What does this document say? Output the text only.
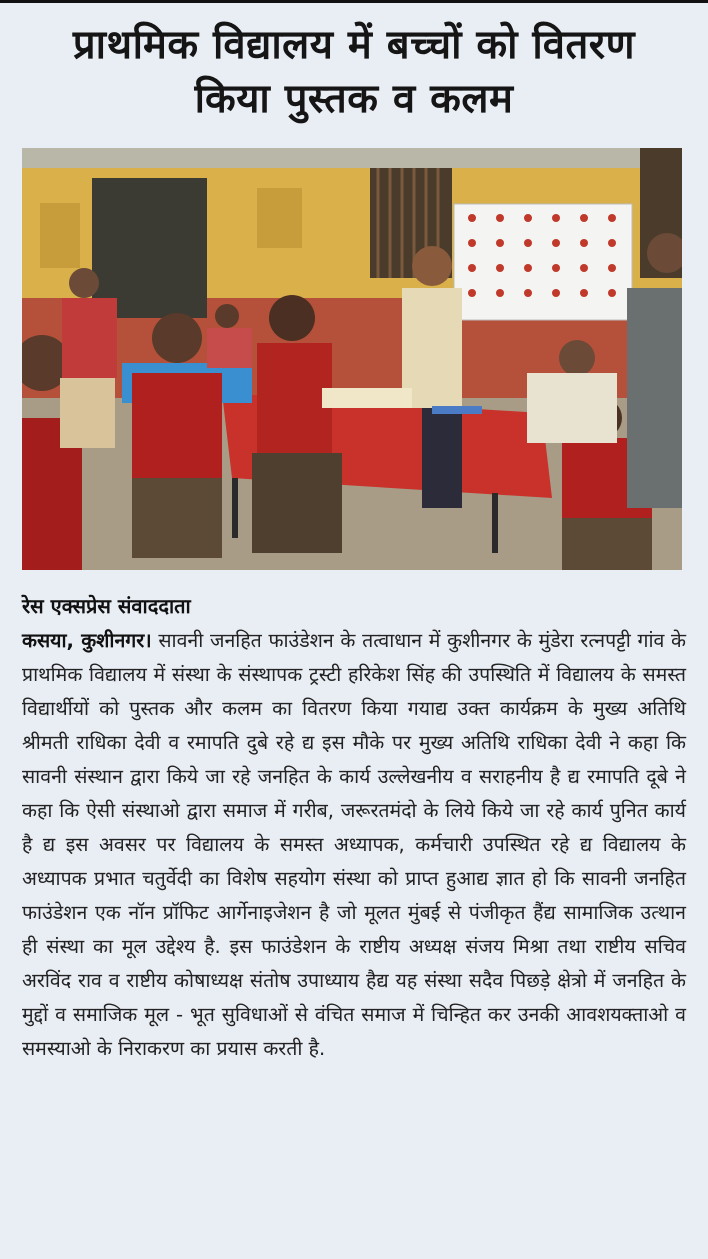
प्राथमिक विद्यालय में बच्चों को वितरण
किया पुस्तक व कलम
रेस एक्सप्रेस संवाददाता
कसया, कुशीनगर। सावनी जनहित फाउंडेशन के तत्वाधान में कुशीनगर के मुंडेरा रत्नपट्टी गांव के प्राथमिक विद्यालय में संस्था के संस्थापक ट्रस्टी हरिकेश सिंह की उपस्थिति में विद्यालय के समस्त विद्यार्थीयों को पुस्तक और कलम का वितरण किया गयाद्य उक्त कार्यक्रम के मुख्य अतिथि श्रीमती राधिका देवी व रमापति दुबे रहे द्य इस मौके पर मुख्य अतिथि राधिका देवी ने कहा कि सावनी संस्थान द्वारा किये जा रहे जनहित के कार्य उल्लेखनीय व सराहनीय है द्य रमापति दूबे ने कहा कि ऐसी संस्थाओ द्वारा समाज में गरीब, जरूरतमंदो के लिये किये जा रहे कार्य पुनित कार्य है द्य इस अवसर पर विद्यालय के समस्त अध्यापक, कर्मचारी उपस्थित रहे द्य विद्यालय के अध्यापक प्रभात चतुर्वेदी का विशेष सहयोग संस्था को प्राप्त हुआद्य ज्ञात हो कि सावनी जनहित फाउंडेशन एक नॉन प्रॉफिट आर्गेनाइजेशन है जो मूलत मुंबई से पंजीकृत हैंद्य सामाजिक उत्थान ही संस्था का मूल उद्देश्य है. इस फाउंडेशन के राष्टीय अध्यक्ष संजय मिश्रा तथा राष्टीय सचिव अरविंद राव व राष्टीय कोषाध्यक्ष संतोष उपाध्याय हैद्य यह संस्था सदैव पिछड़े क्षेत्रो में जनहित के मुद्दों व समाजिक मूल - भूत सुविधाओं से वंचित समाज में चिन्हित कर उनकी आवशयक्ताओ व समस्याओ के निराकरण का प्रयास करती है.
